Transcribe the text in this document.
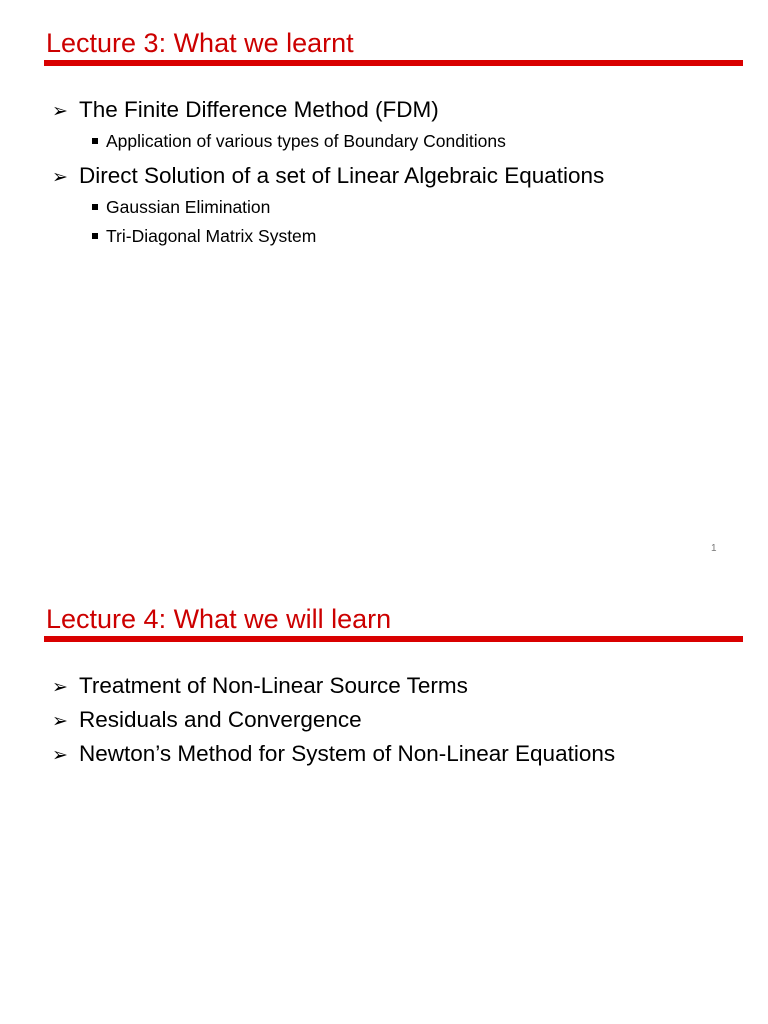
Lecture 3: What we learnt
➢ The Finite Difference Method (FDM)
Application of various types of Boundary Conditions
➢ Direct Solution of a set of Linear Algebraic Equations
Gaussian Elimination
Tri-Diagonal Matrix System
1
Lecture 4: What we will learn
➢ Treatment of Non-Linear Source Terms
➢ Residuals and Convergence
➢ Newton’s Method for System of Non-Linear Equations
